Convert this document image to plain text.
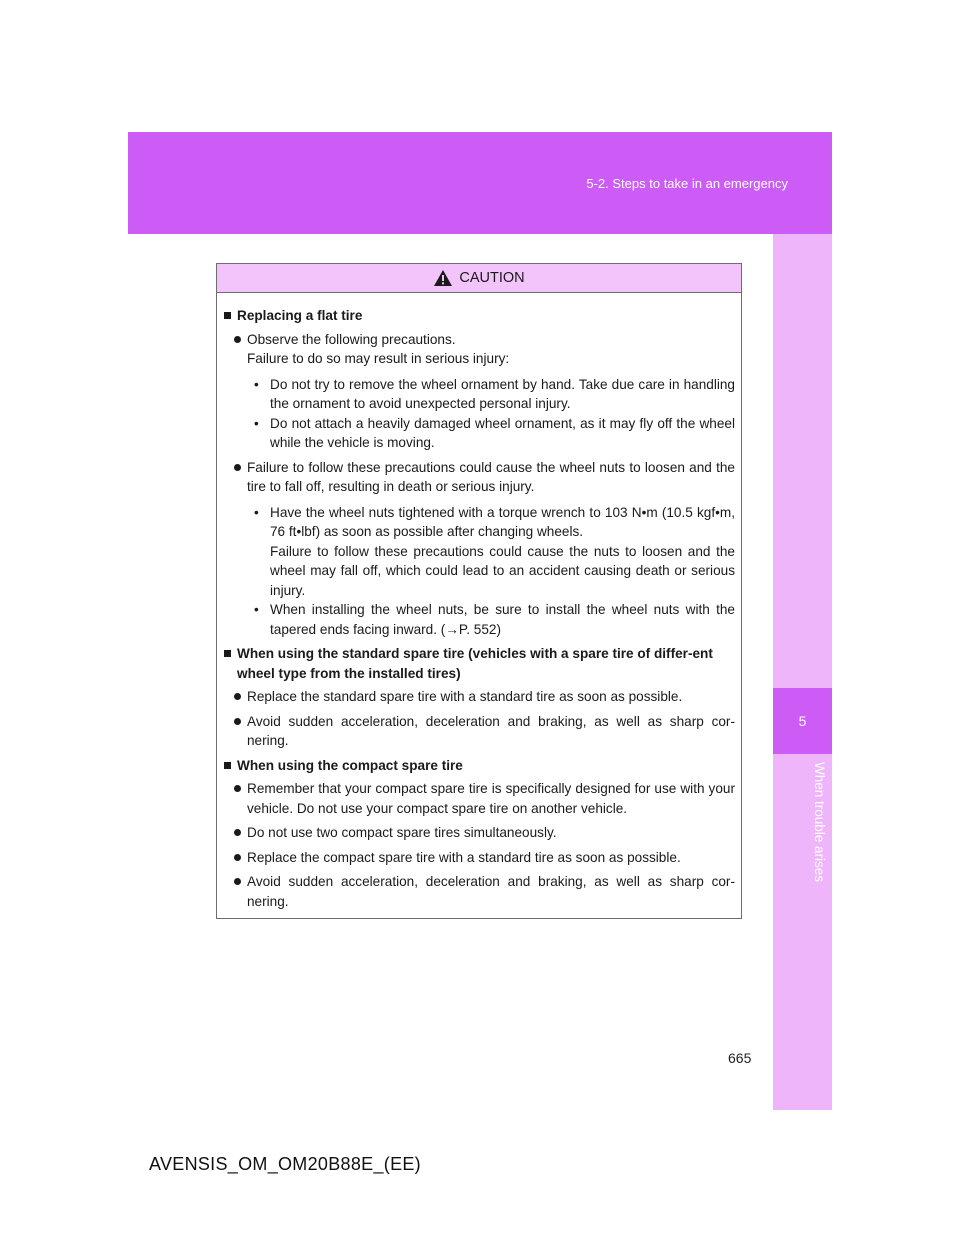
5-2. Steps to take in an emergency
5
When trouble arises
CAUTION
Replacing a flat tire
Observe the following precautions.
Failure to do so may result in serious injury:
• Do not try to remove the wheel ornament by hand. Take due care in handling the ornament to avoid unexpected personal injury.
• Do not attach a heavily damaged wheel ornament, as it may fly off the wheel while the vehicle is moving.
Failure to follow these precautions could cause the wheel nuts to loosen and the tire to fall off, resulting in death or serious injury.
• Have the wheel nuts tightened with a torque wrench to 103 N•m (10.5 kgf•m, 76 ft•lbf) as soon as possible after changing wheels.
Failure to follow these precautions could cause the nuts to loosen and the wheel may fall off, which could lead to an accident causing death or serious injury.
• When installing the wheel nuts, be sure to install the wheel nuts with the tapered ends facing inward. (→P. 552)
When using the standard spare tire (vehicles with a spare tire of differ-ent wheel type from the installed tires)
Replace the standard spare tire with a standard tire as soon as possible.
Avoid sudden acceleration, deceleration and braking, as well as sharp cor-nering.
When using the compact spare tire
Remember that your compact spare tire is specifically designed for use with your vehicle. Do not use your compact spare tire on another vehicle.
Do not use two compact spare tires simultaneously.
Replace the compact spare tire with a standard tire as soon as possible.
Avoid sudden acceleration, deceleration and braking, as well as sharp cor-nering.
665
AVENSIS_OM_OM20B88E_(EE)
